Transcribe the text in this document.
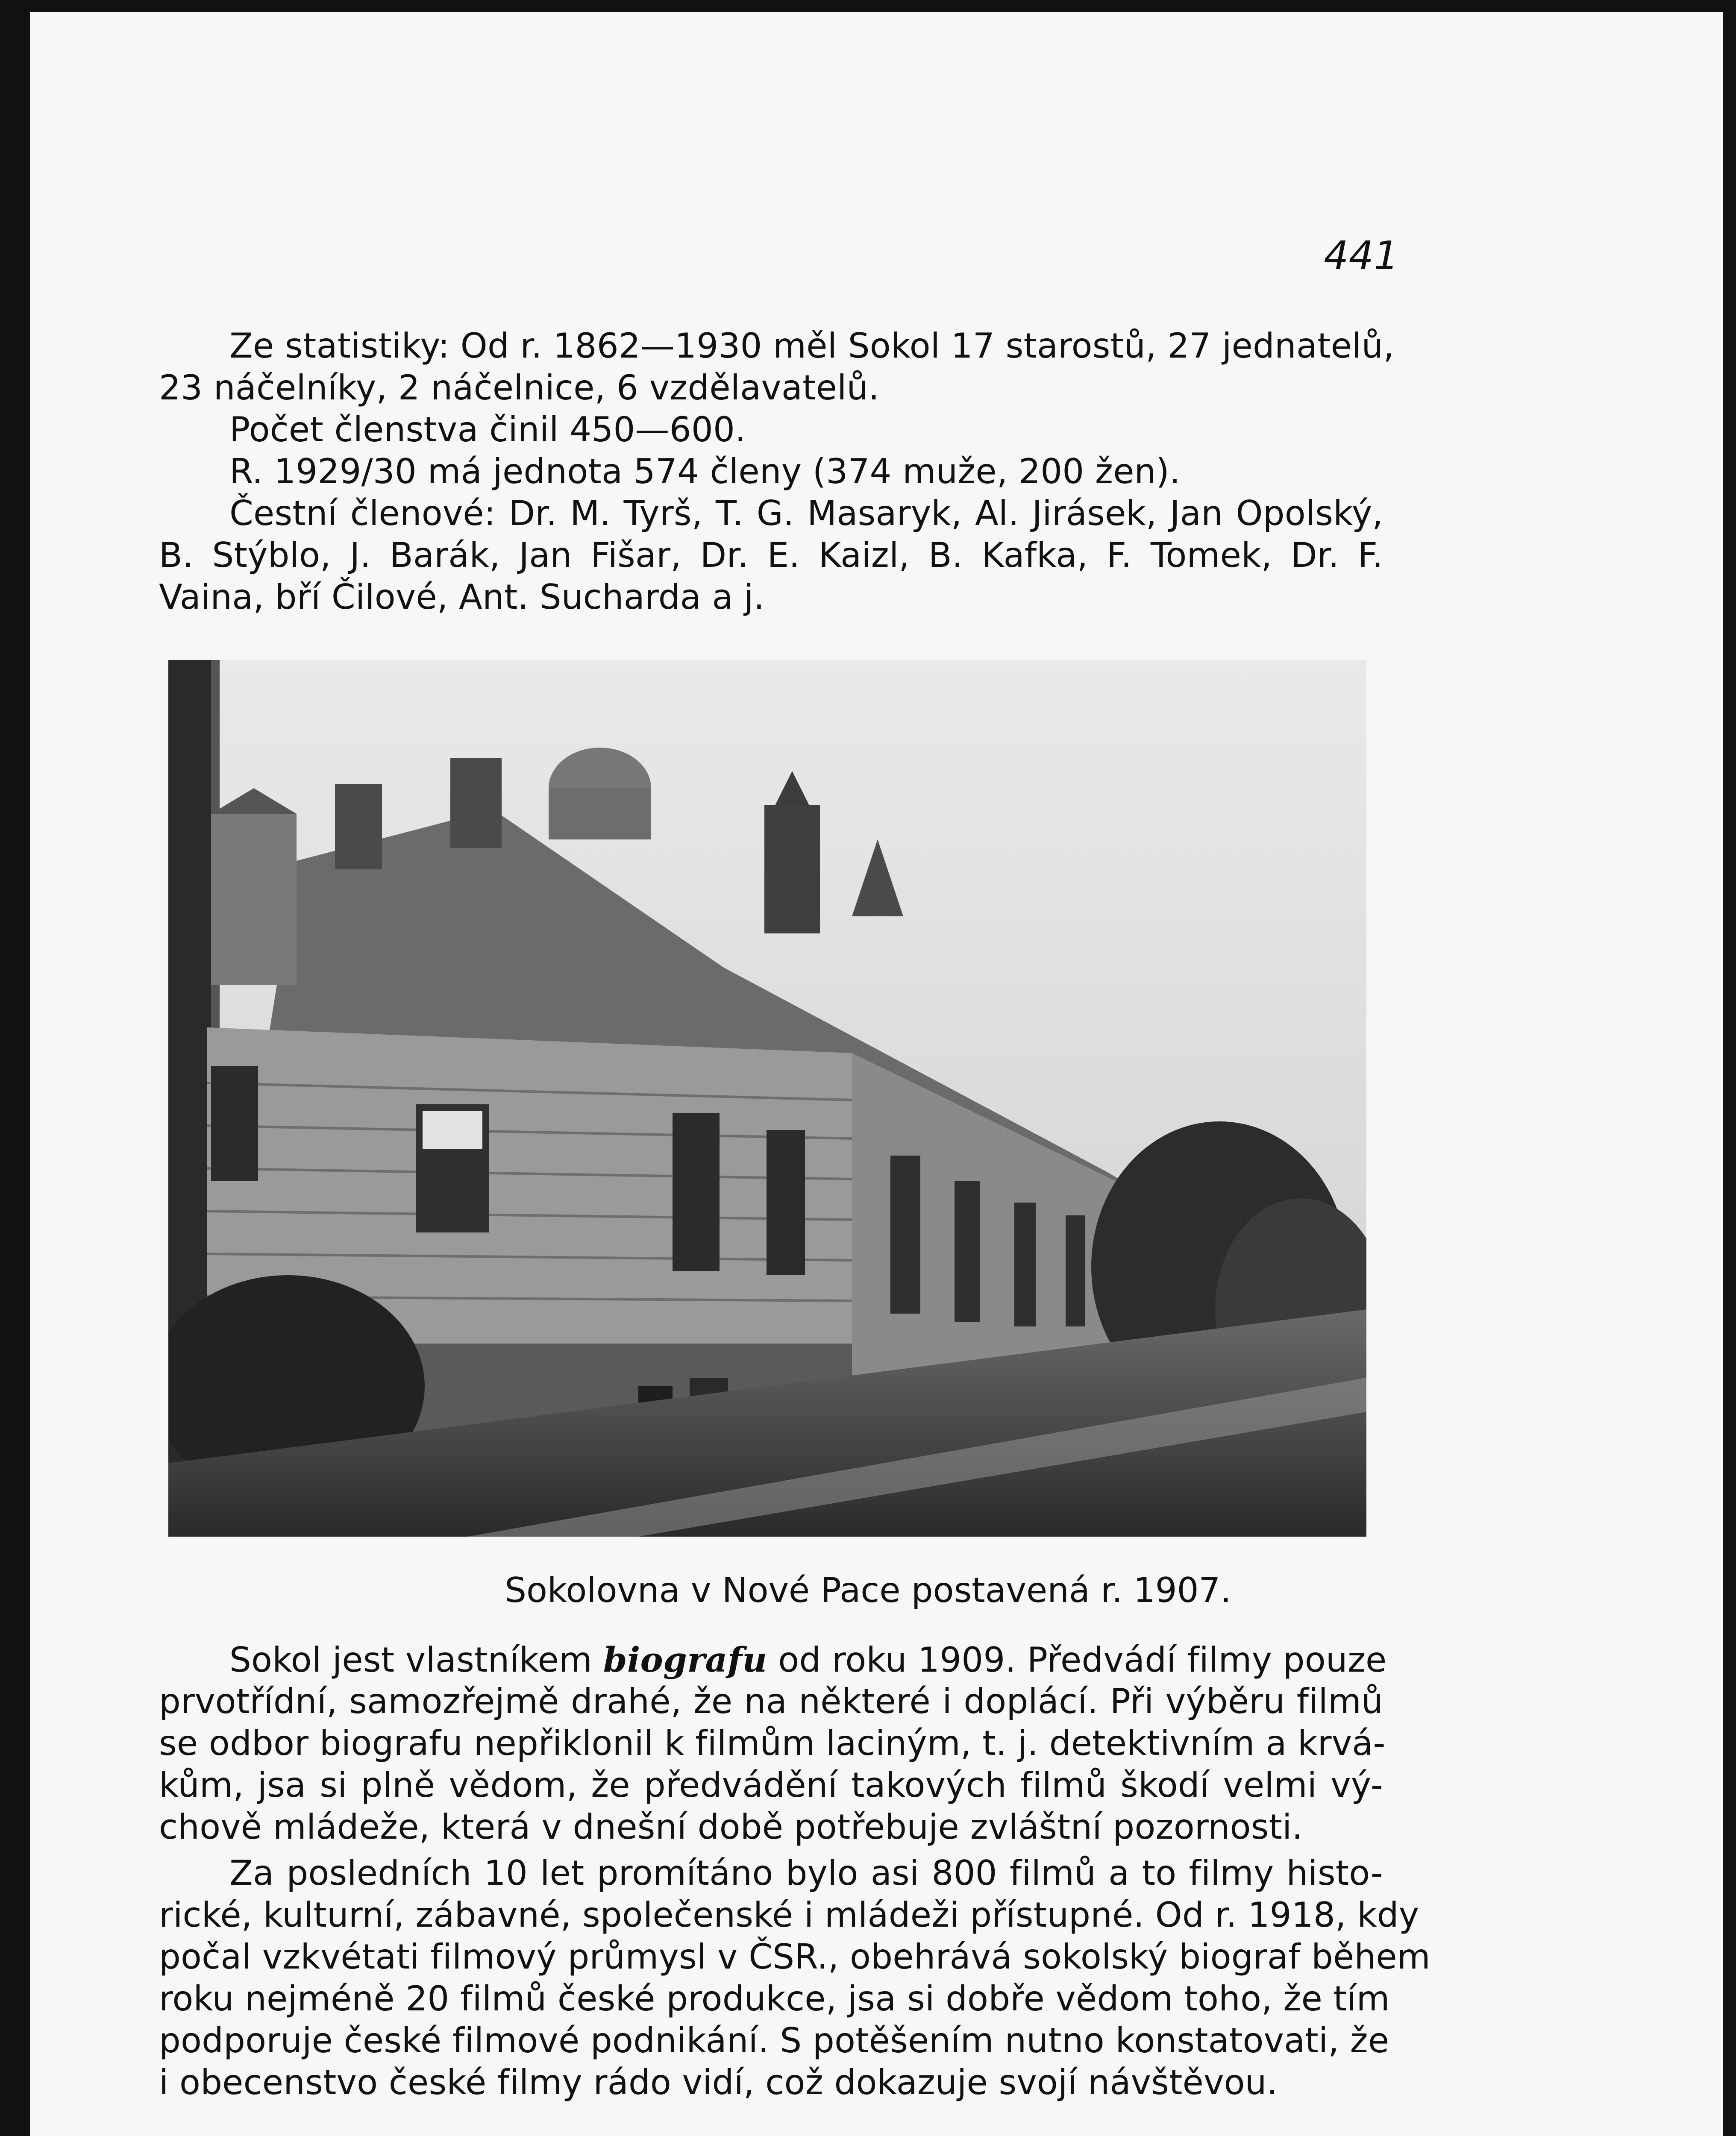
441
Ze statistiky: Od r. 1862—1930 měl Sokol 17 starostů, 27 jednatelů,
23 náčelníky, 2 náčelnice, 6 vzdělavatelů.
Počet členstva činil 450—600.
R. 1929/30 má jednota 574 členy (374 muže, 200 žen).
Čestní členové: Dr. M. Tyrš, T. G. Masaryk, Al. Jirásek, Jan Opolský,
B. Stýblo, J. Barák, Jan Fišar, Dr. E. Kaizl, B. Kafka, F. Tomek, Dr. F.
Vaina, bří Čilové, Ant. Sucharda a j.
Sokolovna v Nové Pace postavená r. 1907.
Sokol jest vlastníkem biografu od roku 1909. Předvádí filmy pouze
prvotřídní, samozřejmě drahé, že na některé i doplácí. Při výběru filmů
se odbor biografu nepřiklonil k filmům laciným, t. j. detektivním a krvá-
kům, jsa si plně vědom, že předvádění takových filmů škodí velmi vý-
chově mládeže, která v dnešní době potřebuje zvláštní pozornosti.
Za posledních 10 let promítáno bylo asi 800 filmů a to filmy histo-
rické, kulturní, zábavné, společenské i mládeži přístupné. Od r. 1918, kdy
počal vzkvétati filmový průmysl v ČSR., obehrává sokolský biograf během
roku nejméně 20 filmů české produkce, jsa si dobře vědom toho, že tím
podporuje české filmové podnikání. S potěšením nutno konstatovati, že
i obecenstvo české filmy rádo vidí, což dokazuje svojí návštěvou.
